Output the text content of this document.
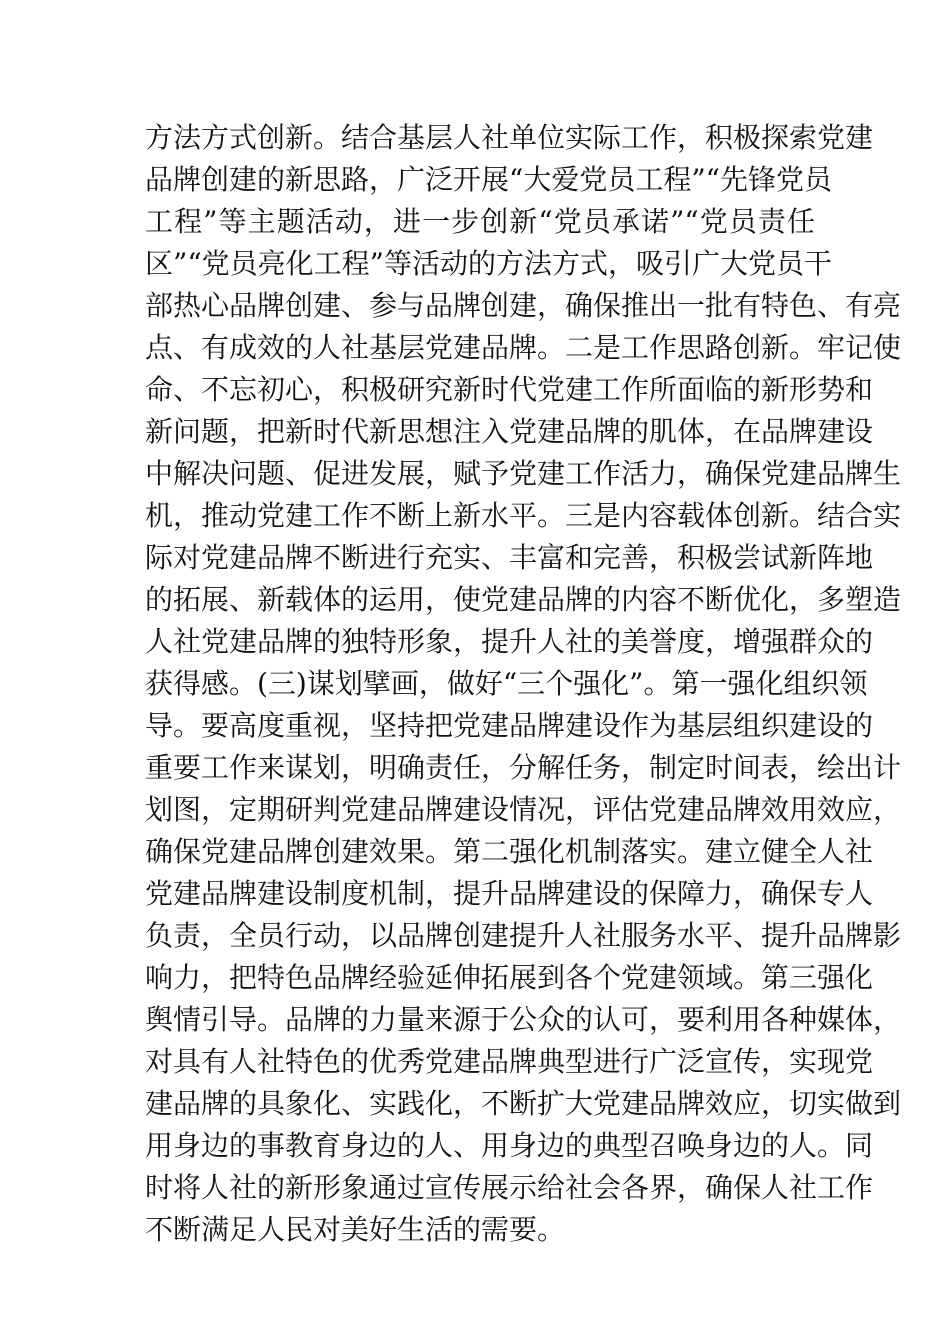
方法方式创新。结合基层人社单位实际工作，积极探索党建
品牌创建的新思路，广泛开展“大爱党员工程”“先锋党员
工程”等主题活动，进一步创新“党员承诺”“党员责任
区”“党员亮化工程”等活动的方法方式，吸引广大党员干
部热心品牌创建、参与品牌创建，确保推出一批有特色、有亮
点、有成效的人社基层党建品牌。二是工作思路创新。牢记使
命、不忘初心，积极研究新时代党建工作所面临的新形势和
新问题，把新时代新思想注入党建品牌的肌体，在品牌建设
中解决问题、促进发展，赋予党建工作活力，确保党建品牌生
机，推动党建工作不断上新水平。三是内容载体创新。结合实
际对党建品牌不断进行充实、丰富和完善，积极尝试新阵地
的拓展、新载体的运用，使党建品牌的内容不断优化，多塑造
人社党建品牌的独特形象，提升人社的美誉度，增强群众的
获得感。(三)谋划擘画，做好“三个强化”。第一强化组织领
导。要高度重视，坚持把党建品牌建设作为基层组织建设的
重要工作来谋划，明确责任，分解任务，制定时间表，绘出计
划图，定期研判党建品牌建设情况，评估党建品牌效用效应，
确保党建品牌创建效果。第二强化机制落实。建立健全人社
党建品牌建设制度机制，提升品牌建设的保障力，确保专人
负责，全员行动，以品牌创建提升人社服务水平、提升品牌影
响力，把特色品牌经验延伸拓展到各个党建领域。第三强化
舆情引导。品牌的力量来源于公众的认可，要利用各种媒体，
对具有人社特色的优秀党建品牌典型进行广泛宣传，实现党
建品牌的具象化、实践化，不断扩大党建品牌效应，切实做到
用身边的事教育身边的人、用身边的典型召唤身边的人。同
时将人社的新形象通过宣传展示给社会各界，确保人社工作
不断满足人民对美好生活的需要。
